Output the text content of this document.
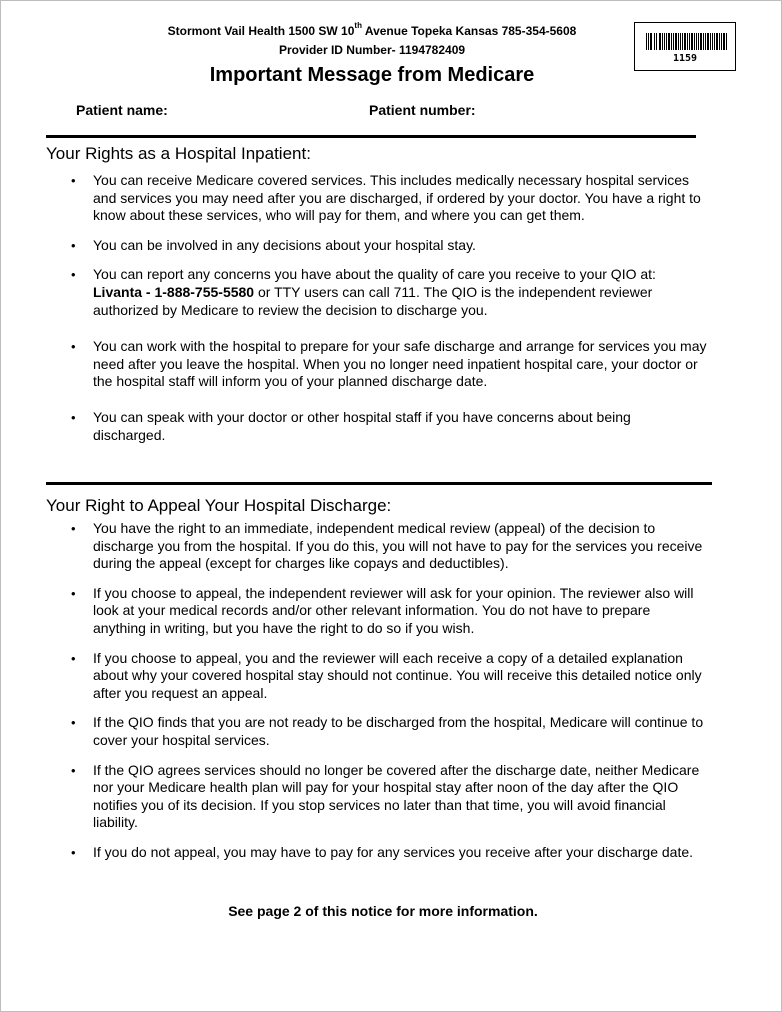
Stormont Vail Health 1500 SW 10th Avenue Topeka Kansas 785-354-5608
Provider ID Number- 1194782409
Important Message from Medicare
1159
Patient name:	Patient number:
Your Rights as a Hospital Inpatient:
• You can receive Medicare covered services. This includes medically necessary hospital services and services you may need after you are discharged, if ordered by your doctor. You have a right to know about these services, who will pay for them, and where you can get them.
• You can be involved in any decisions about your hospital stay.
• You can report any concerns you have about the quality of care you receive to your QIO at: Livanta - 1-888-755-5580 or TTY users can call 711. The QIO is the independent reviewer authorized by Medicare to review the decision to discharge you.
• You can work with the hospital to prepare for your safe discharge and arrange for services you may need after you leave the hospital. When you no longer need inpatient hospital care, your doctor or the hospital staff will inform you of your planned discharge date.
• You can speak with your doctor or other hospital staff if you have concerns about being discharged.
Your Right to Appeal Your Hospital Discharge:
• You have the right to an immediate, independent medical review (appeal) of the decision to discharge you from the hospital. If you do this, you will not have to pay for the services you receive during the appeal (except for charges like copays and deductibles).
• If you choose to appeal, the independent reviewer will ask for your opinion. The reviewer also will look at your medical records and/or other relevant information. You do not have to prepare anything in writing, but you have the right to do so if you wish.
• If you choose to appeal, you and the reviewer will each receive a copy of a detailed explanation about why your covered hospital stay should not continue. You will receive this detailed notice only after you request an appeal.
• If the QIO finds that you are not ready to be discharged from the hospital, Medicare will continue to cover your hospital services.
• If the QIO agrees services should no longer be covered after the discharge date, neither Medicare nor your Medicare health plan will pay for your hospital stay after noon of the day after the QIO notifies you of its decision. If you stop services no later than that time, you will avoid financial liability.
• If you do not appeal, you may have to pay for any services you receive after your discharge date.
See page 2 of this notice for more information.
